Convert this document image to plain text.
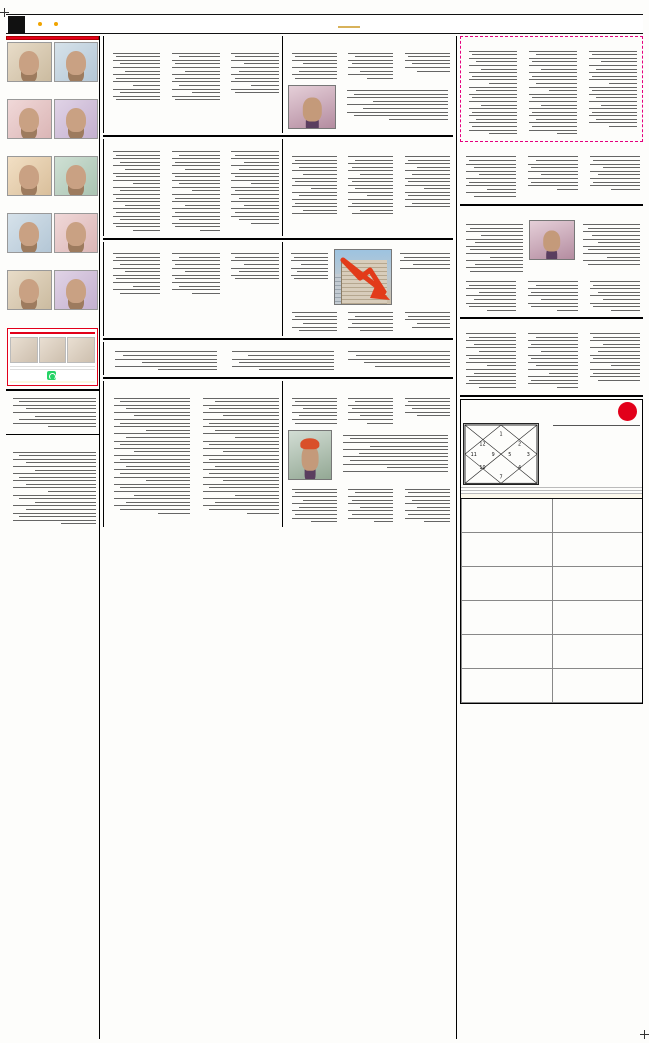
1
12	2
11	3
10	4
7
9	5
